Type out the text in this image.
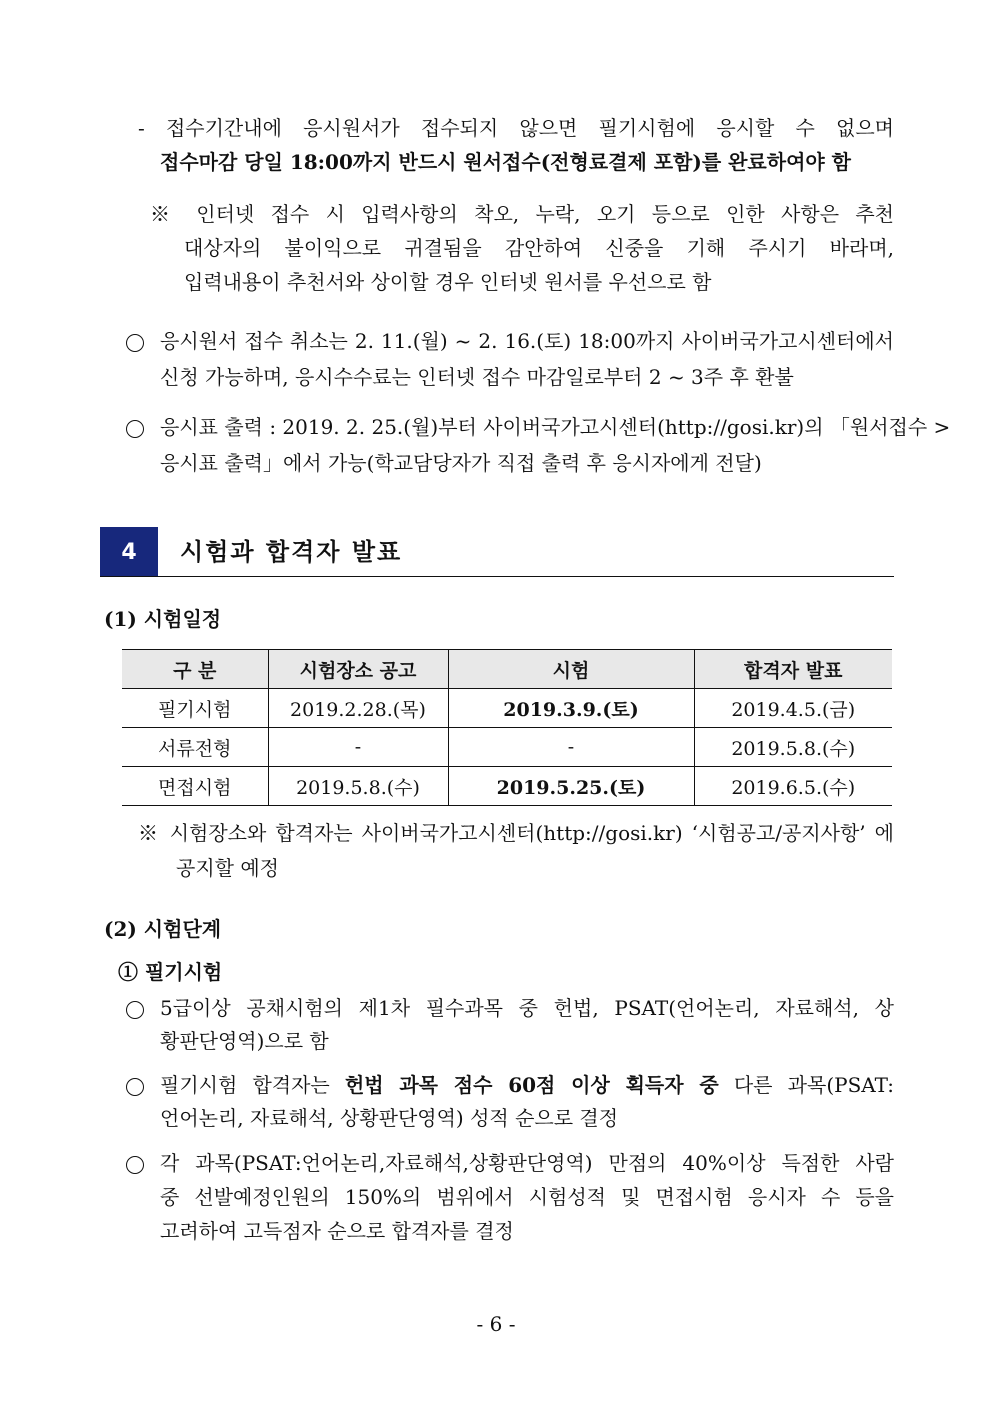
- 접수기간내에 응시원서가 접수되지 않으면 필기시험에 응시할 수 없으며
접수마감 당일 18:00까지 반드시 원서접수(전형료결제 포함)를 완료하여야 함
※ 인터넷 접수 시 입력사항의 착오, 누락, 오기 등으로 인한 사항은 추천
대상자의 불이익으로 귀결됨을 감안하여 신중을 기해 주시기 바라며,
입력내용이 추천서와 상이할 경우 인터넷 원서를 우선으로 함
응시원서 접수 취소는 2. 11.(월) ~ 2. 16.(토) 18:00까지 사이버국가고시센터에서
신청 가능하며, 응시수수료는 인터넷 접수 마감일로부터 2 ~ 3주 후 환불
응시표 출력 : 2019. 2. 25.(월)부터 사이버국가고시센터(http://gosi.kr)의 「원서접수 >
응시표 출력」에서 가능(학교담당자가 직접 출력 후 응시자에게 전달)
4	시험과 합격자 발표
(1) 시험일정
구 분	시험장소 공고	시험	합격자 발표
필기시험	2019.2.28.(목)	2019.3.9.(토)	2019.4.5.(금)
서류전형	-	-	2019.5.8.(수)
면접시험	2019.5.8.(수)	2019.5.25.(토)	2019.6.5.(수)
※ 시험장소와 합격자는 사이버국가고시센터(http://gosi.kr) ‘시험공고/공지사항’ 에
공지할 예정
(2) 시험단계
① 필기시험
5급이상 공채시험의 제1차 필수과목 중 헌법, PSAT(언어논리, 자료해석, 상
황판단영역)으로 함
필기시험 합격자는 헌법 과목 점수 60점 이상 획득자 중 다른 과목(PSAT:
언어논리, 자료해석, 상황판단영역) 성적 순으로 결정
각 과목(PSAT:언어논리,자료해석,상황판단영역) 만점의 40%이상 득점한 사람
중 선발예정인원의 150%의 범위에서 시험성적 및 면접시험 응시자 수 등을
고려하여 고득점자 순으로 합격자를 결정
- 6 -
